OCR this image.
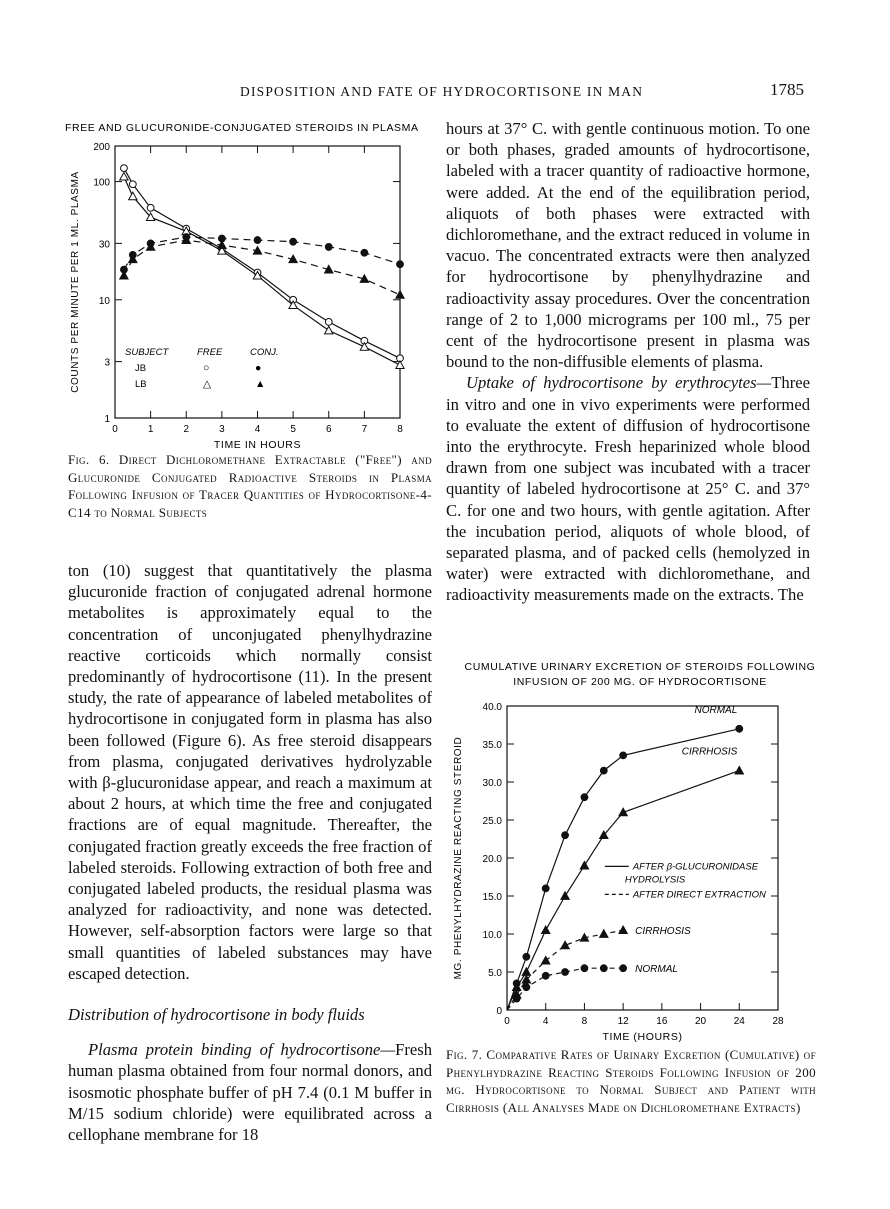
DISPOSITION AND FATE OF HYDROCORTISONE IN MAN	1785
FREE AND GLUCURONIDE-CONJUGATED STEROIDS IN PLASMA
0	1	2	3	4	5	6	7	8
200
100
30
10
3
1
TIME IN HOURS
COUNTS PER MINUTE PER 1 ML. PLASMA	SUBJECT	FREE	CONJ.
JB	○	●
LB	△	▲
Fig. 6. Direct Dichloromethane Extractable ("Free") and Glucuronide Conjugated Radioactive Steroids in Plasma Following Infusion of Tracer Quantities of Hydrocortisone-4-C14 to Normal Subjects

ton (10) suggest that quantitatively the plasma glucuronide fraction of conjugated adrenal hormone metabolites is approximately equal to the concentration of unconjugated phenylhydrazine reactive corticoids which normally consist predominantly of hydrocortisone (11). In the present study, the rate of appearance of labeled metabolites of hydrocortisone in conjugated form in plasma has also been followed (Figure 6). As free steroid disappears from plasma, conjugated derivatives hydrolyzable with β-glucuronidase appear, and reach a maximum at about 2 hours, at which time the free and conjugated fractions are of equal magnitude. Thereafter, the conjugated fraction greatly exceeds the free fraction of labeled steroids. Following extraction of both free and conjugated labeled products, the residual plasma was analyzed for radioactivity, and none was detected. However, self-absorption factors were large so that small quantities of labeled substances may have escaped detection.

Distribution of hydrocortisone in body fluids

Plasma protein binding of hydrocortisone—Fresh human plasma obtained from four normal donors, and isosmotic phosphate buffer of pH 7.4 (0.1 M buffer in M/15 sodium chloride) were equilibrated across a cellophane membrane for 18

hours at 37° C. with gentle continuous motion. To one or both phases, graded amounts of hydrocortisone, labeled with a tracer quantity of radioactive hormone, were added. At the end of the equilibration period, aliquots of both phases were extracted with dichloromethane, and the extract reduced in volume in vacuo. The concentrated extracts were then analyzed for hydrocortisone by phenylhydrazine and radioactivity assay procedures. Over the concentration range of 2 to 1,000 micrograms per 100 ml., 75 per cent of the hydrocortisone present in plasma was bound to the non-diffusible elements of plasma.

Uptake of hydrocortisone by erythrocytes—Three in vitro and one in vivo experiments were performed to evaluate the extent of diffusion of hydrocortisone into the erythrocyte. Fresh heparinized whole blood drawn from one subject was incubated with a tracer quantity of labeled hydrocortisone at 25° C. and 37° C. for one and two hours, with gentle agitation. After the incubation period, aliquots of whole blood, of separated plasma, and of packed cells (hemolyzed in water) were extracted with dichloromethane, and radioactivity measurements made on the extracts. The

CUMULATIVE URINARY EXCRETION OF STEROIDS FOLLOWING
INFUSION OF 200 MG. OF HYDROCORTISONE
0	4	8	12	16	20	24	28
0
5.0
10.0
15.0
20.0
25.0
30.0
35.0
40.0
TIME (HOURS)
MG. PHENYLHYDRAZINE REACTING STEROID
NORMAL
CIRRHOSIS
CIRRHOSIS
NORMAL
AFTER β-GLUCURONIDASE
HYDROLYSIS
AFTER DIRECT EXTRACTION
Fig. 7. Comparative Rates of Urinary Excretion (Cumulative) of Phenylhydrazine Reacting Steroids Following Infusion of 200 mg. Hydrocortisone to Normal Subject and Patient with Cirrhosis (All Analyses Made on Dichloromethane Extracts)
